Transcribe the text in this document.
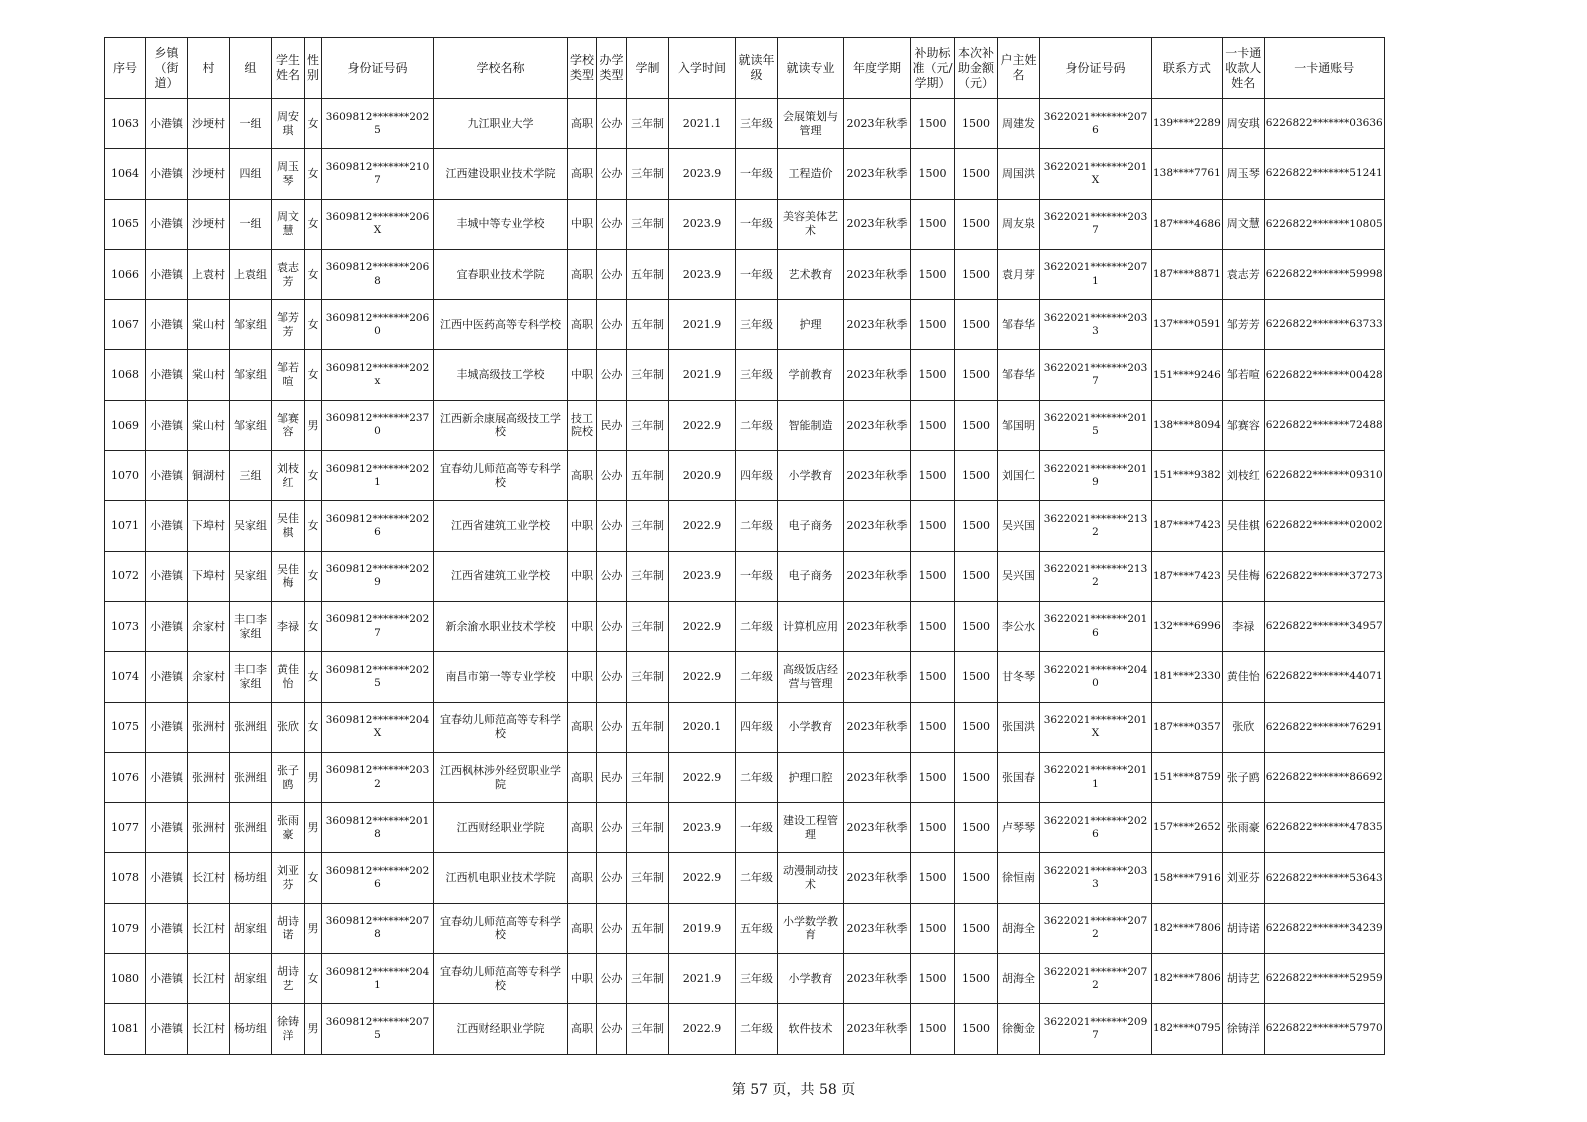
序号	乡镇（街道）	村	组	学生姓名	性别	身份证号码	学校名称	学校类型	办学类型	学制	入学时间	就读年级	就读专业	年度学期	补助标准（元/学期）	本次补助金额（元）	户主姓名	身份证号码	联系方式	一卡通收款人姓名	一卡通账号
1063	小港镇	沙埂村	一组	周安琪	女	3609812*******2025	九江职业大学	高职	公办	三年制	2021.1	三年级	会展策划与管理	2023年秋季	1500	1500	周建发	3622021*******2076	139****2289	周安琪	6226822*******03636
1064	小港镇	沙埂村	四组	周玉琴	女	3609812*******2107	江西建设职业技术学院	高职	公办	三年制	2023.9	一年级	工程造价	2023年秋季	1500	1500	周国洪	3622021*******201X	138****7761	周玉琴	6226822*******51241
1065	小港镇	沙埂村	一组	周文慧	女	3609812*******206X	丰城中等专业学校	中职	公办	三年制	2023.9	一年级	美容美体艺术	2023年秋季	1500	1500	周友泉	3622021*******2037	187****4686	周文慧	6226822*******10805
1066	小港镇	上袁村	上袁组	袁志芳	女	3609812*******2068	宜春职业技术学院	高职	公办	五年制	2023.9	一年级	艺术教育	2023年秋季	1500	1500	袁月芽	3622021*******2071	187****8871	袁志芳	6226822*******59998
1067	小港镇	棠山村	邹家组	邹芳芳	女	3609812*******2060	江西中医药高等专科学校	高职	公办	五年制	2021.9	三年级	护理	2023年秋季	1500	1500	邹春华	3622021*******2033	137****0591	邹芳芳	6226822*******63733
1068	小港镇	棠山村	邹家组	邹若喧	女	3609812*******202x	丰城高级技工学校	中职	公办	三年制	2021.9	三年级	学前教育	2023年秋季	1500	1500	邹春华	3622021*******2037	151****9246	邹若喧	6226822*******00428
1069	小港镇	棠山村	邹家组	邹赛容	男	3609812*******2370	江西新余康展高级技工学校	技工院校	民办	三年制	2022.9	二年级	智能制造	2023年秋季	1500	1500	邹国明	3622021*******2015	138****8094	邹赛容	6226822*******72488
1070	小港镇	铜湖村	三组	刘枝红	女	3609812*******2021	宜春幼儿师范高等专科学校	高职	公办	五年制	2020.9	四年级	小学教育	2023年秋季	1500	1500	刘国仁	3622021*******2019	151****9382	刘枝红	6226822*******09310
1071	小港镇	下埠村	吴家组	吴佳棋	女	3609812*******2026	江西省建筑工业学校	中职	公办	三年制	2022.9	二年级	电子商务	2023年秋季	1500	1500	吴兴国	3622021*******2132	187****7423	吴佳棋	6226822*******02002
1072	小港镇	下埠村	吴家组	吴佳梅	女	3609812*******2029	江西省建筑工业学校	中职	公办	三年制	2023.9	一年级	电子商务	2023年秋季	1500	1500	吴兴国	3622021*******2132	187****7423	吴佳梅	6226822*******37273
1073	小港镇	余家村	丰口李家组	李禄	女	3609812*******2027	新余渝水职业技术学校	中职	公办	三年制	2022.9	二年级	计算机应用	2023年秋季	1500	1500	李公水	3622021*******2016	132****6996	李禄	6226822*******34957
1074	小港镇	余家村	丰口李家组	黄佳怡	女	3609812*******2025	南昌市第一等专业学校	中职	公办	三年制	2022.9	二年级	高级饭店经营与管理	2023年秋季	1500	1500	甘冬琴	3622021*******2040	181****2330	黄佳怡	6226822*******44071
1075	小港镇	张洲村	张洲组	张欣	女	3609812*******204X	宜春幼儿师范高等专科学校	高职	公办	五年制	2020.1	四年级	小学教育	2023年秋季	1500	1500	张国洪	3622021*******201X	187****0357	张欣	6226822*******76291
1076	小港镇	张洲村	张洲组	张子鸥	男	3609812*******2032	江西枫林涉外经贸职业学院	高职	民办	三年制	2022.9	二年级	护理口腔	2023年秋季	1500	1500	张国春	3622021*******2011	151****8759	张子鸥	6226822*******86692
1077	小港镇	张洲村	张洲组	张雨豪	男	3609812*******2018	江西财经职业学院	高职	公办	三年制	2023.9	一年级	建设工程管理	2023年秋季	1500	1500	卢琴琴	3622021*******2026	157****2652	张雨豪	6226822*******47835
1078	小港镇	长江村	杨坊组	刘亚芬	女	3609812*******2026	江西机电职业技术学院	高职	公办	三年制	2022.9	二年级	动漫制动技术	2023年秋季	1500	1500	徐恒南	3622021*******2033	158****7916	刘亚芬	6226822*******53643
1079	小港镇	长江村	胡家组	胡诗诺	男	3609812*******2078	宜春幼儿师范高等专科学校	高职	公办	五年制	2019.9	五年级	小学数学教育	2023年秋季	1500	1500	胡海全	3622021*******2072	182****7806	胡诗诺	6226822*******34239
1080	小港镇	长江村	胡家组	胡诗艺	女	3609812*******2041	宜春幼儿师范高等专科学校	中职	公办	三年制	2021.9	三年级	小学教育	2023年秋季	1500	1500	胡海全	3622021*******2072	182****7806	胡诗艺	6226822*******52959
1081	小港镇	长江村	杨坊组	徐铸洋	男	3609812*******2075	江西财经职业学院	高职	公办	三年制	2022.9	二年级	软件技术	2023年秋季	1500	1500	徐衡金	3622021*******2097	182****0795	徐铸洋	6226822*******57970
第 57 页，共 58 页
